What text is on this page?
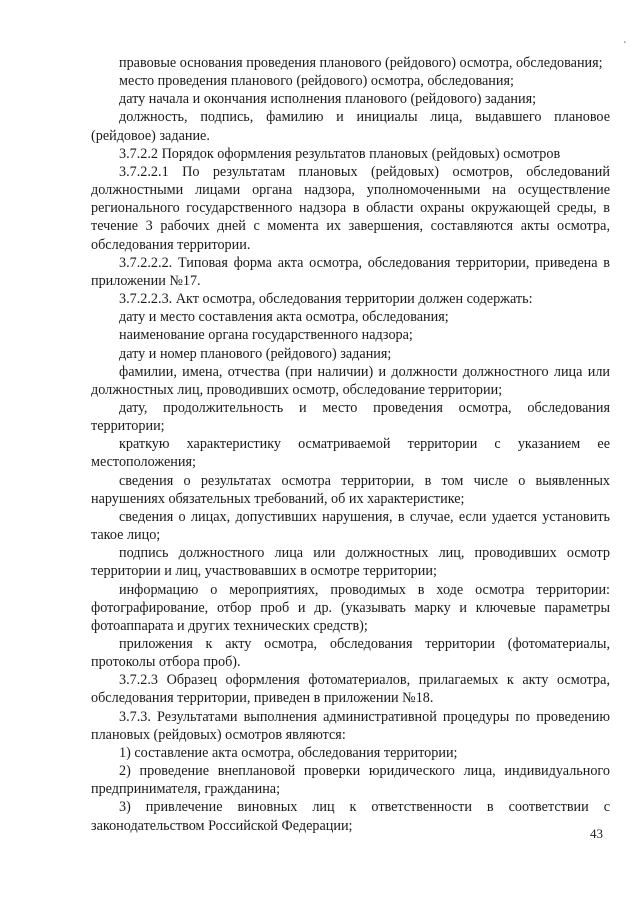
'

правовые основания проведения планового (рейдового) осмотра, обследования;

место проведения планового (рейдового) осмотра, обследования;

дату начала и окончания исполнения планового (рейдового) задания;

должность, подпись, фамилию и инициалы лица, выдавшего плановое (рейдовое) задание.

3.7.2.2 Порядок оформления результатов плановых (рейдовых) осмотров

3.7.2.2.1 По результатам плановых (рейдовых) осмотров, обследований должностными лицами органа надзора, уполномоченными на осуществление регионального государственного надзора в области охраны окружающей среды, в течение 3 рабочих дней с момента их завершения, составляются акты осмотра, обследования территории.

3.7.2.2.2. Типовая форма акта осмотра, обследования территории, приведена в приложении №17.

3.7.2.2.3. Акт осмотра, обследования территории должен содержать:

дату и место составления акта осмотра, обследования;

наименование органа государственного надзора;

дату и номер планового (рейдового) задания;

фамилии, имена, отчества (при наличии) и должности должностного лица или должностных лиц, проводивших осмотр, обследование территории;

дату, продолжительность и место проведения осмотра, обследования территории;

краткую характеристику осматриваемой территории с указанием ее местоположения;

сведения о результатах осмотра территории, в том числе о выявленных нарушениях обязательных требований, об их характеристике;

сведения о лицах, допустивших нарушения, в случае, если удается установить такое лицо;

подпись должностного лица или должностных лиц, проводивших осмотр территории и лиц, участвовавших в осмотре территории;

информацию о мероприятиях, проводимых в ходе осмотра территории: фотографирование, отбор проб и др. (указывать марку и ключевые параметры фотоаппарата и других технических средств);

приложения к акту осмотра, обследования территории (фотоматериалы, протоколы отбора проб).

3.7.2.3 Образец оформления фотоматериалов, прилагаемых к акту осмотра, обследования территории, приведен в приложении №18.

3.7.3. Результатами выполнения административной процедуры по проведению плановых (рейдовых) осмотров являются:

1) составление акта осмотра, обследования территории;

2) проведение внеплановой проверки юридического лица, индивидуального предпринимателя, гражданина;

3) привлечение виновных лиц к ответственности в соответствии с законодательством Российской Федерации;	43
